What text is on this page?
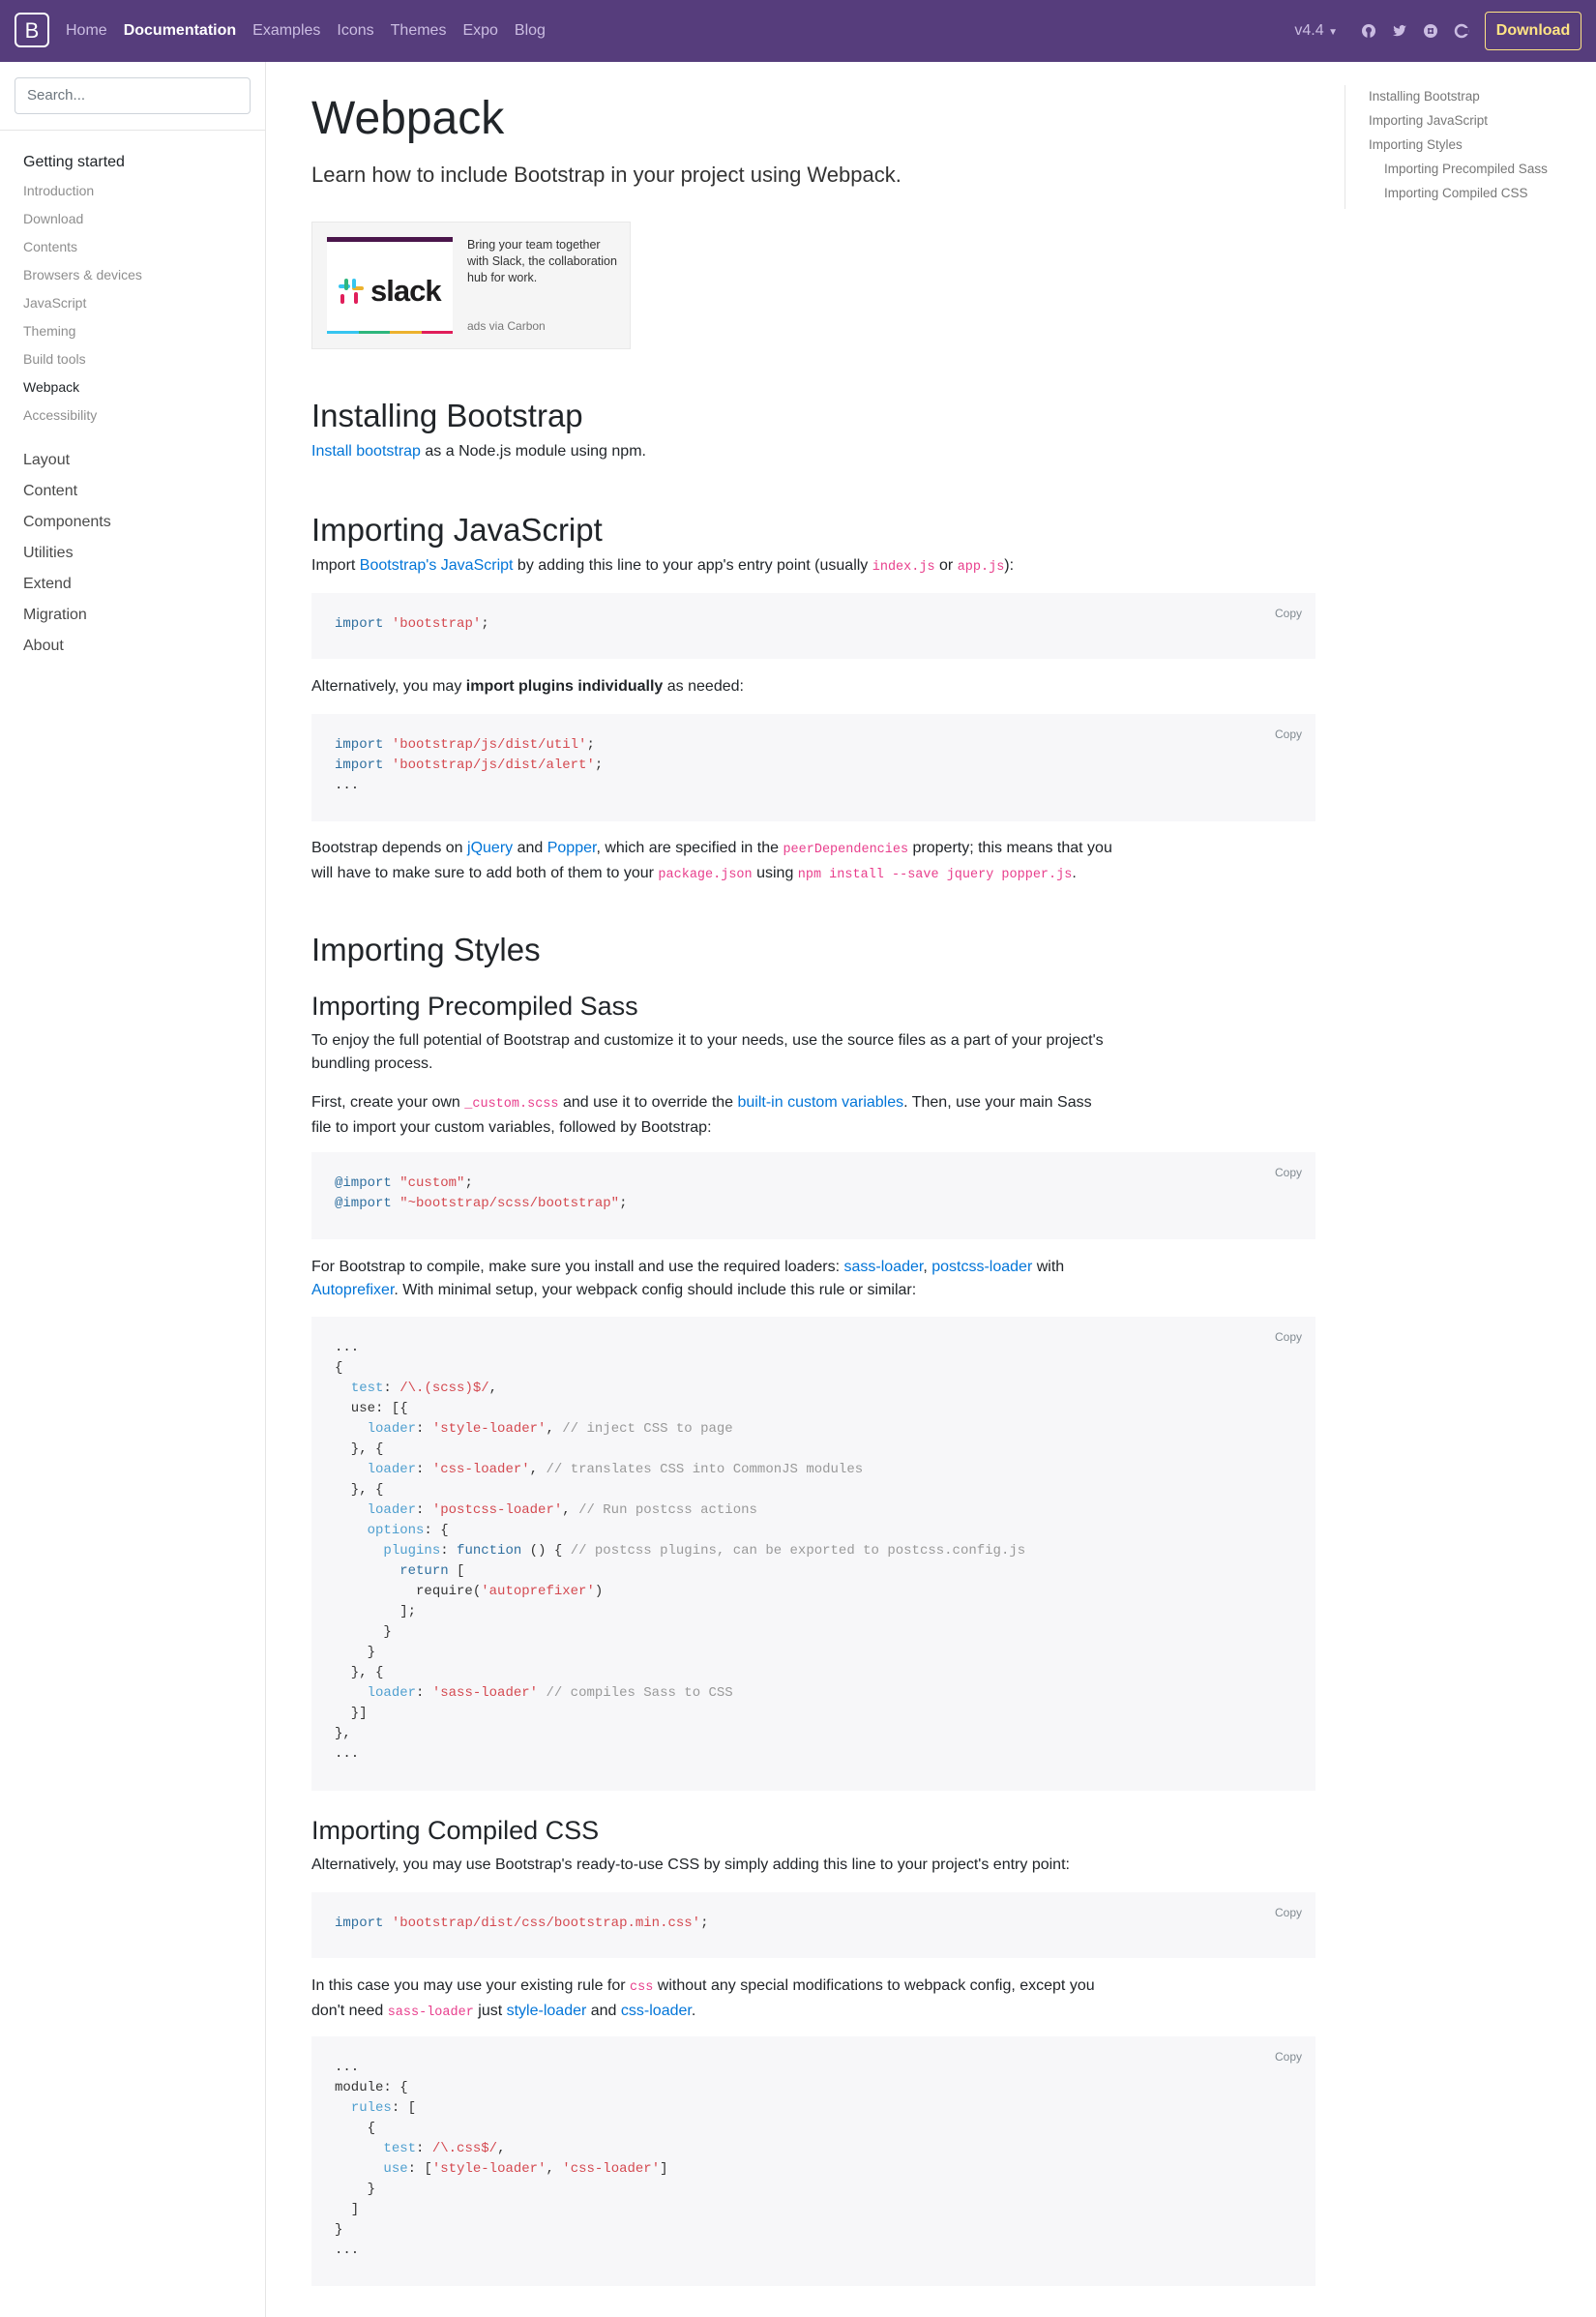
B	Home Documentation Examples Icons Themes Expo Blog	v4.4 ▼	Download
Search...
Getting started
Introduction
Download
Contents
Browsers & devices
JavaScript
Theming
Build tools
Webpack
Accessibility
Layout
Content
Components
Utilities
Extend
Migration
About
Installing Bootstrap
Importing JavaScript
Importing Styles
Importing Precompiled Sass
Importing Compiled CSS
Webpack
Learn how to include Bootstrap in your project using Webpack.
slack
Bring your team together with Slack, the collaboration hub for work.
ads via Carbon
Installing Bootstrap

Install bootstrap as a Node.js module using npm.

Importing JavaScript

Import Bootstrap's JavaScript by adding this line to your app's entry point (usually index.js or app.js):

Copy
import 'bootstrap';

Alternatively, you may import plugins individually as needed:

Copy
import 'bootstrap/js/dist/util';
import 'bootstrap/js/dist/alert';
...

Bootstrap depends on jQuery and Popper, which are specified in the peerDependencies property; this means that you will have to make sure to add both of them to your package.json using npm install --save jquery popper.js.

Importing Styles
Importing Precompiled Sass

To enjoy the full potential of Bootstrap and customize it to your needs, use the source files as a part of your project's bundling process.

First, create your own _custom.scss and use it to override the built-in custom variables. Then, use your main Sass file to import your custom variables, followed by Bootstrap:

Copy
@import "custom";
@import "~bootstrap/scss/bootstrap";

For Bootstrap to compile, make sure you install and use the required loaders: sass-loader, postcss-loader with Autoprefixer. With minimal setup, your webpack config should include this rule or similar:

Copy
...
{
test: /\.(scss)$/,
use: [{
loader: 'style-loader', // inject CSS to page
}, {
loader: 'css-loader', // translates CSS into CommonJS modules
}, {
loader: 'postcss-loader', // Run postcss actions
options: {
plugins: function () { // postcss plugins, can be exported to postcss.config.js
return [
require('autoprefixer')
];
}
}
}, {
loader: 'sass-loader' // compiles Sass to CSS
}]
},
...
Importing Compiled CSS

Alternatively, you may use Bootstrap's ready-to-use CSS by simply adding this line to your project's entry point:

Copy
import 'bootstrap/dist/css/bootstrap.min.css';

In this case you may use your existing rule for css without any special modifications to webpack config, except you don't need sass-loader just style-loader and css-loader.

Copy
...
module: {
rules: [
{
test: /\.css$/,
use: ['style-loader', 'css-loader']
}
]
}
...
